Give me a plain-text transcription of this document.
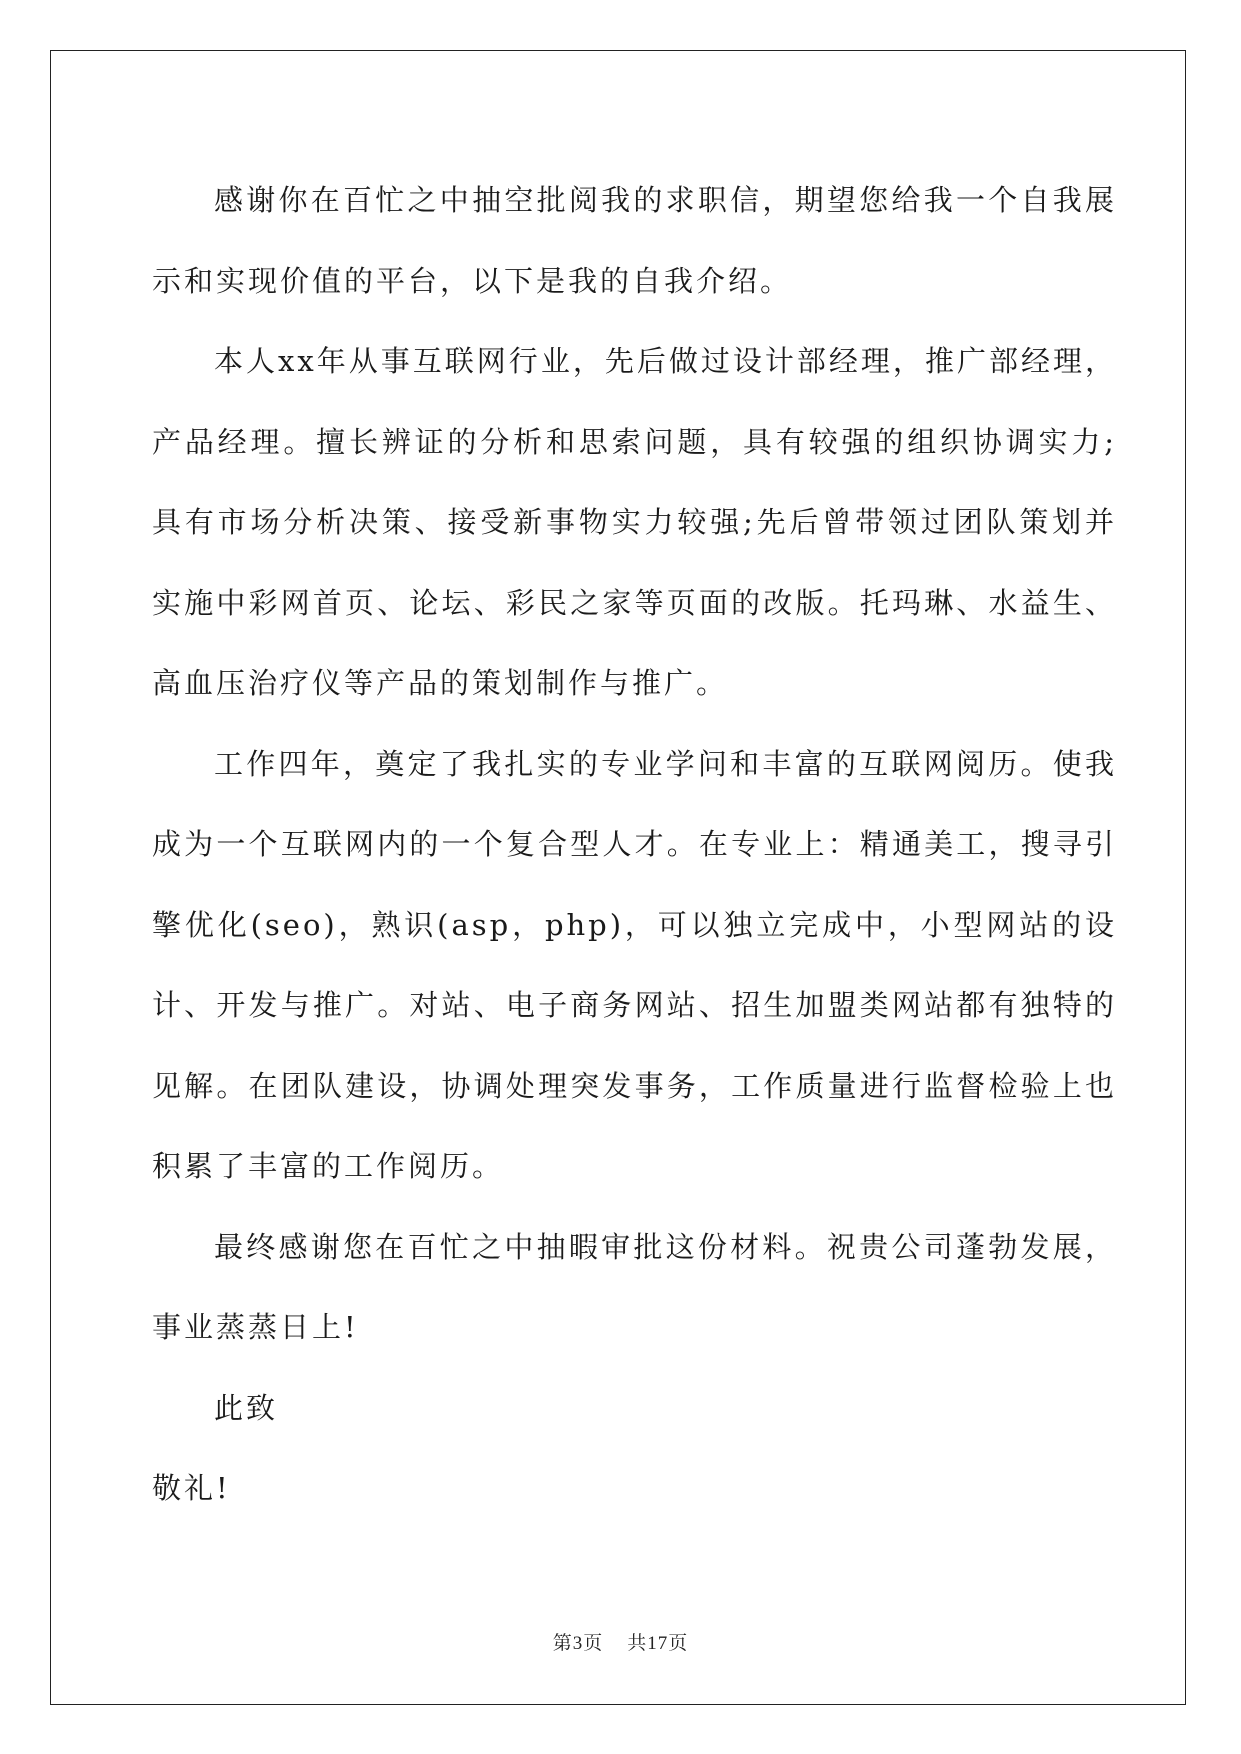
感谢你在百忙之中抽空批阅我的求职信，期望您给我一个自我展示和实现价值的平台，以下是我的自我介绍。

本人xx年从事互联网行业，先后做过设计部经理，推广部经理，产品经理。擅长辨证的分析和思索问题，具有较强的组织协调实力;具有市场分析决策、接受新事物实力较强;先后曾带领过团队策划并实施中彩网首页、论坛、彩民之家等页面的改版。托玛琳、水益生、高血压治疗仪等产品的策划制作与推广。

工作四年，奠定了我扎实的专业学问和丰富的互联网阅历。使我成为一个互联网内的一个复合型人才。在专业上：精通美工，搜寻引擎优化(seo)，熟识(asp，php)，可以独立完成中，小型网站的设计、开发与推广。对站、电子商务网站、招生加盟类网站都有独特的见解。在团队建设，协调处理突发事务，工作质量进行监督检验上也积累了丰富的工作阅历。

最终感谢您在百忙之中抽暇审批这份材料。祝贵公司蓬勃发展，事业蒸蒸日上!

此致

敬礼!

第3页 共17页
